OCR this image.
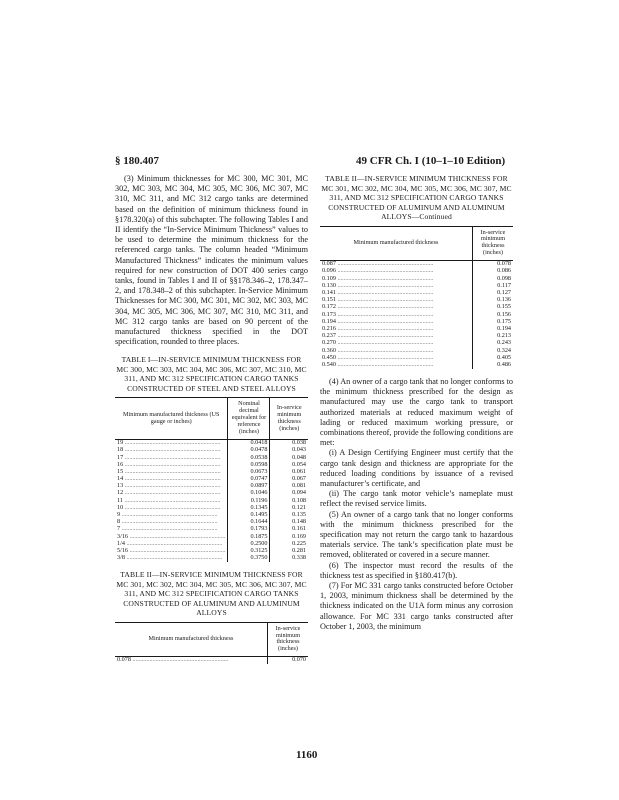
§ 180.407	49 CFR Ch. I (10–1–10 Edition)

(3) Minimum thicknesses for MC 300, MC 301, MC 302, MC 303, MC 304, MC 305, MC 306, MC 307, MC 310, MC 311, and MC 312 cargo tanks are determined based on the definition of minimum thickness found in §178.320(a) of this subchapter. The following Tables I and II identify the “In-Service Minimum Thickness” values to be used to determine the minimum thickness for the referenced cargo tanks. The column headed “Minimum Manufactured Thickness” indicates the minimum values required for new construction of DOT 400 series cargo tanks, found in Tables I and II of §§178.346–2, 178.347–2, and 178.348–2 of this subchapter. In-Service Minimum Thicknesses for MC 300, MC 301, MC 302, MC 303, MC 304, MC 305, MC 306, MC 307, MC 310, MC 311, and MC 312 cargo tanks are based on 90 percent of the manufactured thickness specified in the DOT specification, rounded to three places.

TABLE I—IN-SERVICE MINIMUM THICKNESS FOR MC 300, MC 303, MC 304, MC 306, MC 307, MC 310, MC 311, AND MC 312 SPECIFICATION CARGO TANKS CONSTRUCTED OF STEEL AND STEEL ALLOYS
Minimum manufactured thickness (US gauge or inches)	Nominal decimal equivalent for reference (inches)	In-service minimum thickness (inches)
19 ..............................................................	0.0418	0.038
18 ..............................................................	0.0478	0.043
17 ..............................................................	0.0538	0.048
16 ..............................................................	0.0598	0.054
15 ..............................................................	0.0673	0.061
14 ..............................................................	0.0747	0.067
13 ..............................................................	0.0897	0.081
12 ..............................................................	0.1046	0.094
11 ..............................................................	0.1196	0.108
10 ..............................................................	0.1345	0.121
9 ..............................................................	0.1495	0.135
8 ..............................................................	0.1644	0.148
7 ..............................................................	0.1793	0.161
3/16 ..............................................................	0.1875	0.169
1/4 ..............................................................	0.2500	0.225
5/16 ..............................................................	0.3125	0.281
3/8 ..............................................................	0.3750	0.338
TABLE II—IN-SERVICE MINIMUM THICKNESS FOR MC 301, MC 302, MC 304, MC 305, MC 306, MC 307, MC 311, AND MC 312 SPECIFICATION CARGO TANKS CONSTRUCTED OF ALUMINUM AND ALUMINUM ALLOYS
Minimum manufactured thickness	In-service minimum thickness (inches)
0.078 ..............................................................	0.070
TABLE II—IN-SERVICE MINIMUM THICKNESS FOR MC 301, MC 302, MC 304, MC 305, MC 306, MC 307, MC 311, AND MC 312 SPECIFICATION CARGO TANKS CONSTRUCTED OF ALUMINUM AND ALUMINUM ALLOYS—Continued
Minimum manufactured thickness	In-service minimum thickness (inches)
0.087 ..............................................................	0.078
0.096 ..............................................................	0.086
0.109 ..............................................................	0.098
0.130 ..............................................................	0.117
0.141 ..............................................................	0.127
0.151 ..............................................................	0.136
0.172 ..............................................................	0.155
0.173 ..............................................................	0.156
0.194 ..............................................................	0.175
0.216 ..............................................................	0.194
0.237 ..............................................................	0.213
0.270 ..............................................................	0.243
0.360 ..............................................................	0.324
0.450 ..............................................................	0.405
0.540 ..............................................................	0.486

(4) An owner of a cargo tank that no longer conforms to the minimum thickness prescribed for the design as manufactured may use the cargo tank to transport authorized materials at reduced maximum weight of lading or reduced maximum working pressure, or combinations thereof, provide the following conditions are met:

(i) A Design Certifying Engineer must certify that the cargo tank design and thickness are appropriate for the reduced loading conditions by issuance of a revised manufacturer’s certificate, and

(ii) The cargo tank motor vehicle’s nameplate must reflect the revised service limits.

(5) An owner of a cargo tank that no longer conforms with the minimum thickness prescribed for the specification may not return the cargo tank to hazardous materials service. The tank’s specification plate must be removed, obliterated or covered in a secure manner.

(6) The inspector must record the results of the thickness test as specified in §180.417(b).

(7) For MC 331 cargo tanks constructed before October 1, 2003, minimum thickness shall be determined by the thickness indicated on the U1A form minus any corrosion allowance. For MC 331 cargo tanks constructed after October 1, 2003, the minimum

1160
